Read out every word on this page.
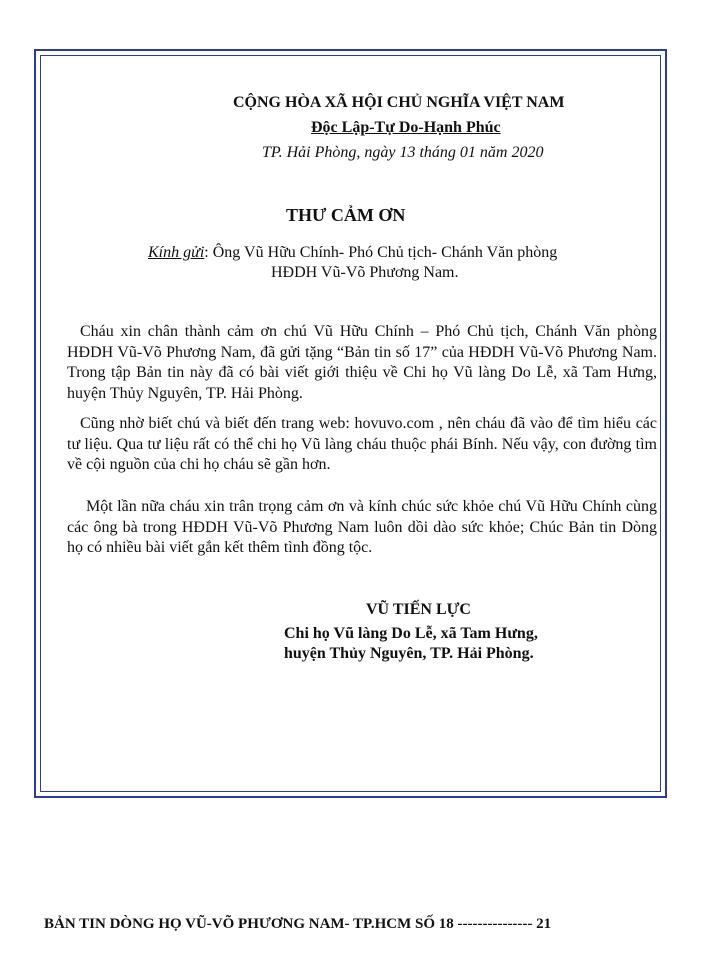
CỘNG HÒA XÃ HỘI CHỦ NGHĨA VIỆT NAM
Độc Lập-Tự Do-Hạnh Phúc
TP. Hải Phòng, ngày 13 tháng 01 năm 2020
THƯ CẢM ƠN
Kính gửi: Ông Vũ Hữu Chính- Phó Chủ tịch- Chánh Văn phòng
HĐDH Vũ-Võ Phương Nam.
Cháu xin chân thành cảm ơn chú Vũ Hữu Chính – Phó Chủ tịch, Chánh Văn phòng HĐDH Vũ-Võ Phương Nam, đã gửi tặng “Bản tin số 17” của HĐDH Vũ-Võ Phương Nam. Trong tập Bản tin này đã có bài viết giới thiệu về Chi họ Vũ làng Do Lễ, xã Tam Hưng, huyện Thủy Nguyên, TP. Hải Phòng.
Cũng nhờ biết chú và biết đến trang web: hovuvo.com , nên cháu đã vào để tìm hiểu các tư liệu. Qua tư liệu rất có thể chi họ Vũ làng cháu thuộc phái Bính. Nếu vậy, con đường tìm về cội nguồn của chi họ cháu sẽ gần hơn.
Một lần nữa cháu xin trân trọng cảm ơn và kính chúc sức khỏe chú Vũ Hữu Chính cùng các ông bà trong HĐDH Vũ-Võ Phương Nam luôn dồi dào sức khỏe; Chúc Bản tin Dòng họ có nhiều bài viết gắn kết thêm tình đồng tộc.
VŨ TIẾN LỰC
Chi họ Vũ làng Do Lễ, xã Tam Hưng,
huyện Thủy Nguyên, TP. Hải Phòng.
BẢN TIN DÒNG HỌ VŨ-VÕ PHƯƠNG NAM- TP.HCM SỐ 18 --------------- 21
